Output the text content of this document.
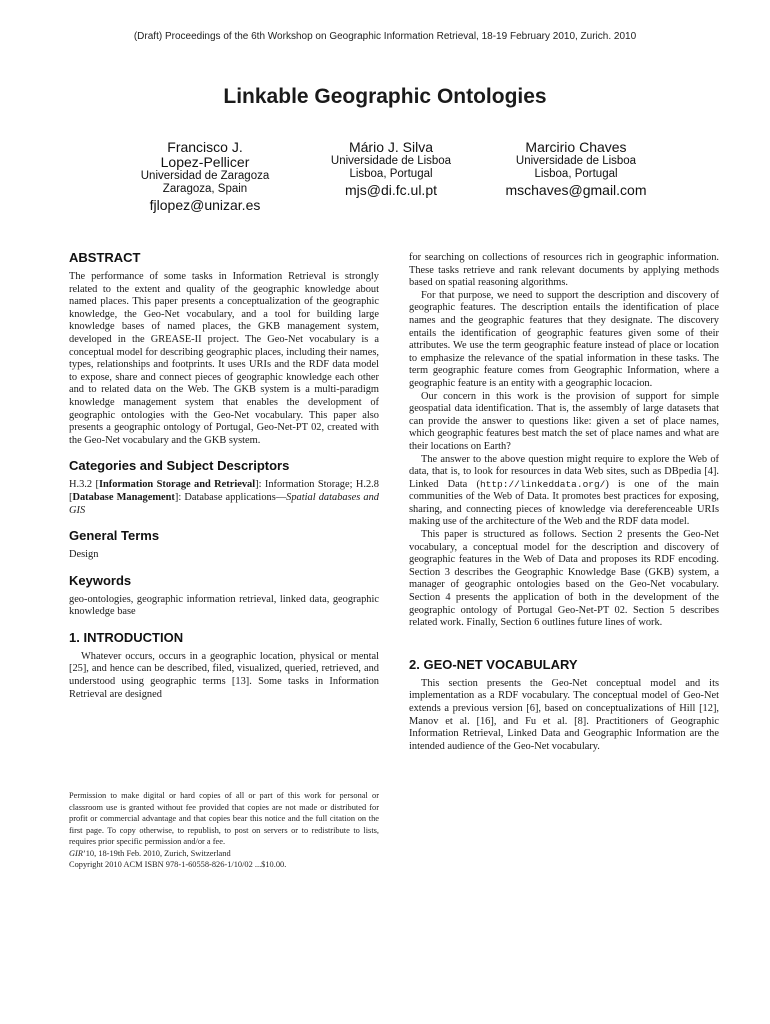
(Draft) Proceedings of the 6th Workshop on Geographic Information Retrieval, 18-19 February 2010, Zurich. 2010
Linkable Geographic Ontologies
Francisco J.
Lopez-Pellicer
Universidad de Zaragoza
Zaragoza, Spain
fjlopez@unizar.es
Mário J. Silva
Universidade de Lisboa
Lisboa, Portugal
mjs@di.fc.ul.pt
Marcirio Chaves
Universidade de Lisboa
Lisboa, Portugal
mschaves@gmail.com
ABSTRACT

The performance of some tasks in Information Retrieval is strongly related to the extent and quality of the geographic knowledge about named places. This paper presents a conceptualization of the geographic knowledge, the Geo-Net vocabulary, and a tool for building large knowledge bases of named places, the GKB management system, developed in the GREASE-II project. The Geo-Net vocabulary is a conceptual model for describing geographic places, including their names, types, relationships and footprints. It uses URIs and the RDF data model to expose, share and connect pieces of geographic knowledge each other and to related data on the Web. The GKB system is a multi-paradigm knowledge management system that enables the development of geographic ontologies with the Geo-Net vocabulary. This paper also presents a geographic ontology of Portugal, Geo-Net-PT 02, created with the Geo-Net vocabulary and the GKB system.

Categories and Subject Descriptors

H.3.2 [Information Storage and Retrieval]: Information Storage; H.2.8 [Database Management]: Database applications—Spatial databases and GIS

General Terms

Design

Keywords

geo-ontologies, geographic information retrieval, linked data, geographic knowledge base

1. INTRODUCTION

Whatever occurs, occurs in a geographic location, physical or mental [25], and hence can be described, filed, visualized, queried, retrieved, and understood using geographic terms [13]. Some tasks in Information Retrieval are designed

for searching on collections of resources rich in geographic information. These tasks retrieve and rank relevant documents by applying methods based on spatial reasoning algorithms.

For that purpose, we need to support the description and discovery of geographic features. The description entails the identification of place names and the geographic features that they designate. The discovery entails the identification of geographic features given some of their attributes. We use the term geographic feature instead of place or location to emphasize the relevance of the spatial information in these tasks. The term geographic feature comes from Geographic Information, where a geographic feature is an entity with a geographic locacion.

Our concern in this work is the provision of support for simple geospatial data identification. That is, the assembly of large datasets that can provide the answer to questions like: given a set of place names, which geographic features best match the set of place names and what are their locations on Earth?

The answer to the above question might require to explore the Web of data, that is, to look for resources in data Web sites, such as DBpedia [4]. Linked Data (http://linkeddata.org/) is one of the main communities of the Web of Data. It promotes best practices for exposing, sharing, and connecting pieces of knowledge via dereferenceable URIs making use of the architecture of the Web and the RDF data model.

This paper is structured as follows. Section 2 presents the Geo-Net vocabulary, a conceptual model for the description and discovery of geographic features in the Web of Data and proposes its RDF encoding. Section 3 describes the Geographic Knowledge Base (GKB) system, a manager of geographic ontologies based on the Geo-Net vocabulary. Section 4 presents the application of both in the development of the geographic ontology of Portugal Geo-Net-PT 02. Section 5 describes related work. Finally, Section 6 outlines future lines of work.

2. GEO-NET VOCABULARY

This section presents the Geo-Net conceptual model and its implementation as a RDF vocabulary. The conceptual model of Geo-Net extends a previous version [6], based on conceptualizations of Hill [12], Manov et al. [16], and Fu et al. [8]. Practitioners of Geographic Information Retrieval, Linked Data and Geographic Information are the intended audience of the Geo-Net vocabulary.

Permission to make digital or hard copies of all or part of this work for personal or classroom use is granted without fee provided that copies are not made or distributed for profit or commercial advantage and that copies bear this notice and the full citation on the first page. To copy otherwise, to republish, to post on servers or to redistribute to lists, requires prior specific permission and/or a fee.
GIR’10, 18-19th Feb. 2010, Zurich, Switzerland
Copyright 2010 ACM ISBN 978-1-60558-826-1/10/02 ...$10.00.
